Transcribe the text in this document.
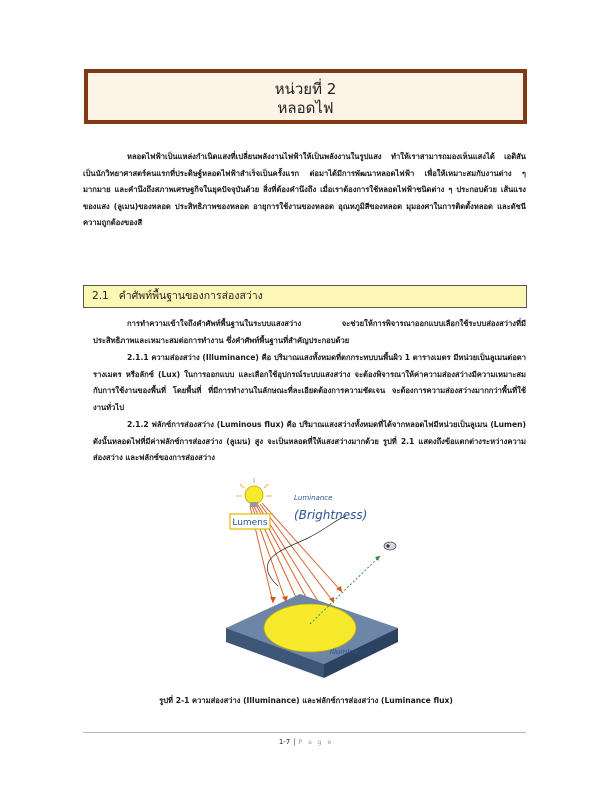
หน่วยที่ 2
หลอดไฟ
หลอดไฟฟ้าเป็นแหล่งกำเนิดแสงที่เปลี่ยนพลังงานไฟฟ้าให้เป็นพลังงานในรูปแสง ทำให้เราสามารถมองเห็นแสงได้ เอดิสัน เป็นนักวิทยาศาสตร์คนแรกที่ประดิษฐ์หลอดไฟฟ้าสำเร็จเป็นครั้งแรก ต่อมาได้มีการพัฒนาหลอดไฟฟ้า เพื่อให้เหมาะสมกับงานต่าง ๆ มากมาย และคำนึงถึงสภาพเศรษฐกิจในยุคปัจจุบันด้วย สิ่งที่ต้องคำนึงถึง เมื่อเราต้องการใช้หลอดไฟฟ้าชนิดต่าง ๆ ประกอบด้วย เส้นแรงของแสง (ลูเมน)ของหลอด ประสิทธิภาพของหลอด อายุการใช้งานของหลอด อุณหภูมิสีของหลอด มุมองศาในการติดตั้งหลอด และดัชนีความถูกต้องของสี
2.1 คำศัพท์พื้นฐานของการส่องสว่าง
การทำความเข้าใจถึงคำศัพท์พื้นฐานในระบบแสงสว่าง จะช่วยให้การพิจารณาออกแบบเลือกใช้ระบบส่องสว่างที่มีประสิทธิภาพและเหมาะสมต่อการทำงาน ซึ่งคำศัพท์พื้นฐานที่สำคัญประกอบด้วย
2.1.1 ความส่องสว่าง (Illuminance) คือ ปริมาณแสงทั้งหมดที่ตกกระทบบนพื้นผิว 1 ตารางเมตร มีหน่วยเป็นลูเมนต่อตารางเมตร หรือลักซ์ (Lux) ในการออกแบบ และเลือกใช้อุปกรณ์ระบบแสงสว่าง จะต้องพิจารณาให้ค่าความส่องสว่างมีความเหมาะสม กับการใช้งานของพื้นที่ โดยพื้นที่ ที่มีการทำงานในลักษณะที่ละเอียดต้องการความชัดเจน จะต้องการความส่องสว่างมากกว่าพื้นที่ใช้งานทั่วไป
2.1.2 ฟลักซ์การส่องสว่าง (Luminous flux) คือ ปริมาณแสงสว่างทั้งหมดที่ได้จากหลอดไฟมีหน่วยเป็นลูเมน (Lumen) ดังนั้นหลอดไฟที่มีค่าฟลักซ์การส่องสว่าง (ลูเมน) สูง จะเป็นหลอดที่ให้แสงสว่างมากด้วย รูปที่ 2.1 แสดงถึงข้อแตกต่างระหว่างความส่องสว่าง และฟลักซ์ของการส่องสว่าง
Lumens
Luminance
(Brightness)
Illuminance
รูปที่ 2-1 ความส่องสว่าง (Illuminance) และฟลักซ์การส่องสว่าง (Luminance flux)
1-7 | P a g e
